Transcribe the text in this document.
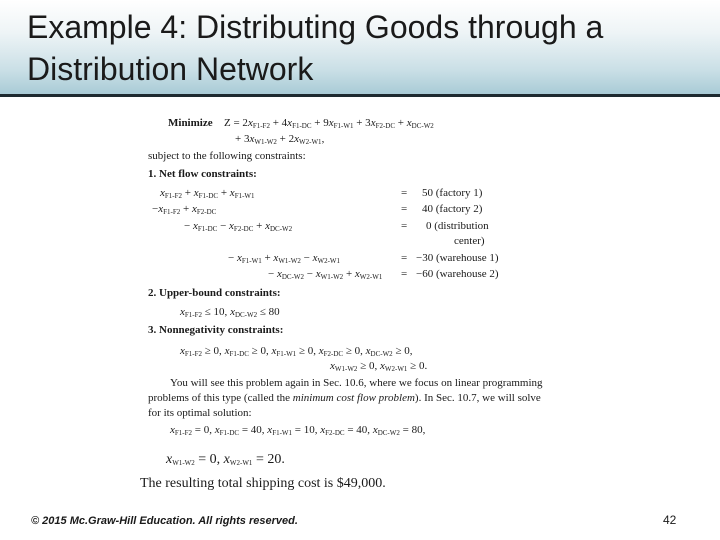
Example 4: Distributing Goods through a Distribution Network
Minimize $Z = 2x_{F1-F2} + 4x_{F1-DC} + 9x_{F1-W1} + 3x_{F2-DC} + x_{DC-W2}$
+ $3x_{W1-W2} + 2x_{W2-W1}$,
subject to the following constraints:
1. Net flow constraints:
$x_{F1-F2} + x_{F1-DC} + x_{F1-W1}$	= 50 (factory 1)
$-x_{F1-F2} + x_{F2-DC}$	= 40 (factory 2)
− $x_{F1-DC} - x_{F2-DC} + x_{DC-W2}$	= 0 (distribution
center)
− $x_{F1-W1} + x_{W1-W2} - x_{W2-W1}$	= −30 (warehouse 1)
− $x_{DC-W2} - x_{W1-W2} + x_{W2-W1} = -60$ (warehouse 2)
2. Upper-bound constraints:
$x_{F1-F2} \le 10$, $x_{DC-W2} \le 80$
3. Nonnegativity constraints:
$x_{F1-F2} \ge 0$, $x_{F1-DC} \ge 0$, $x_{F1-W1} \ge 0$, $x_{F2-DC} \ge 0$, $x_{DC-W2} \ge 0$,
$x_{W1-W2} \ge 0$, $x_{W2-W1} \ge 0$.
You will see this problem again in Sec. 10.6, where we focus on linear programming
problems of this type (called the minimum cost flow problem). In Sec. 10.7, we will solve
for its optimal solution:
$x_{F1-F2} = 0$, $x_{F1-DC} = 40$, $x_{F1-W1} = 10$, $x_{F2-DC} = 40$, $x_{DC-W2} = 80$,
$x_{W1-W2} = 0$, $x_{W2-W1} = 20$.
The resulting total shipping cost is $49,000.
© 2015 Mc.Graw-Hill Education. All rights reserved.	42
